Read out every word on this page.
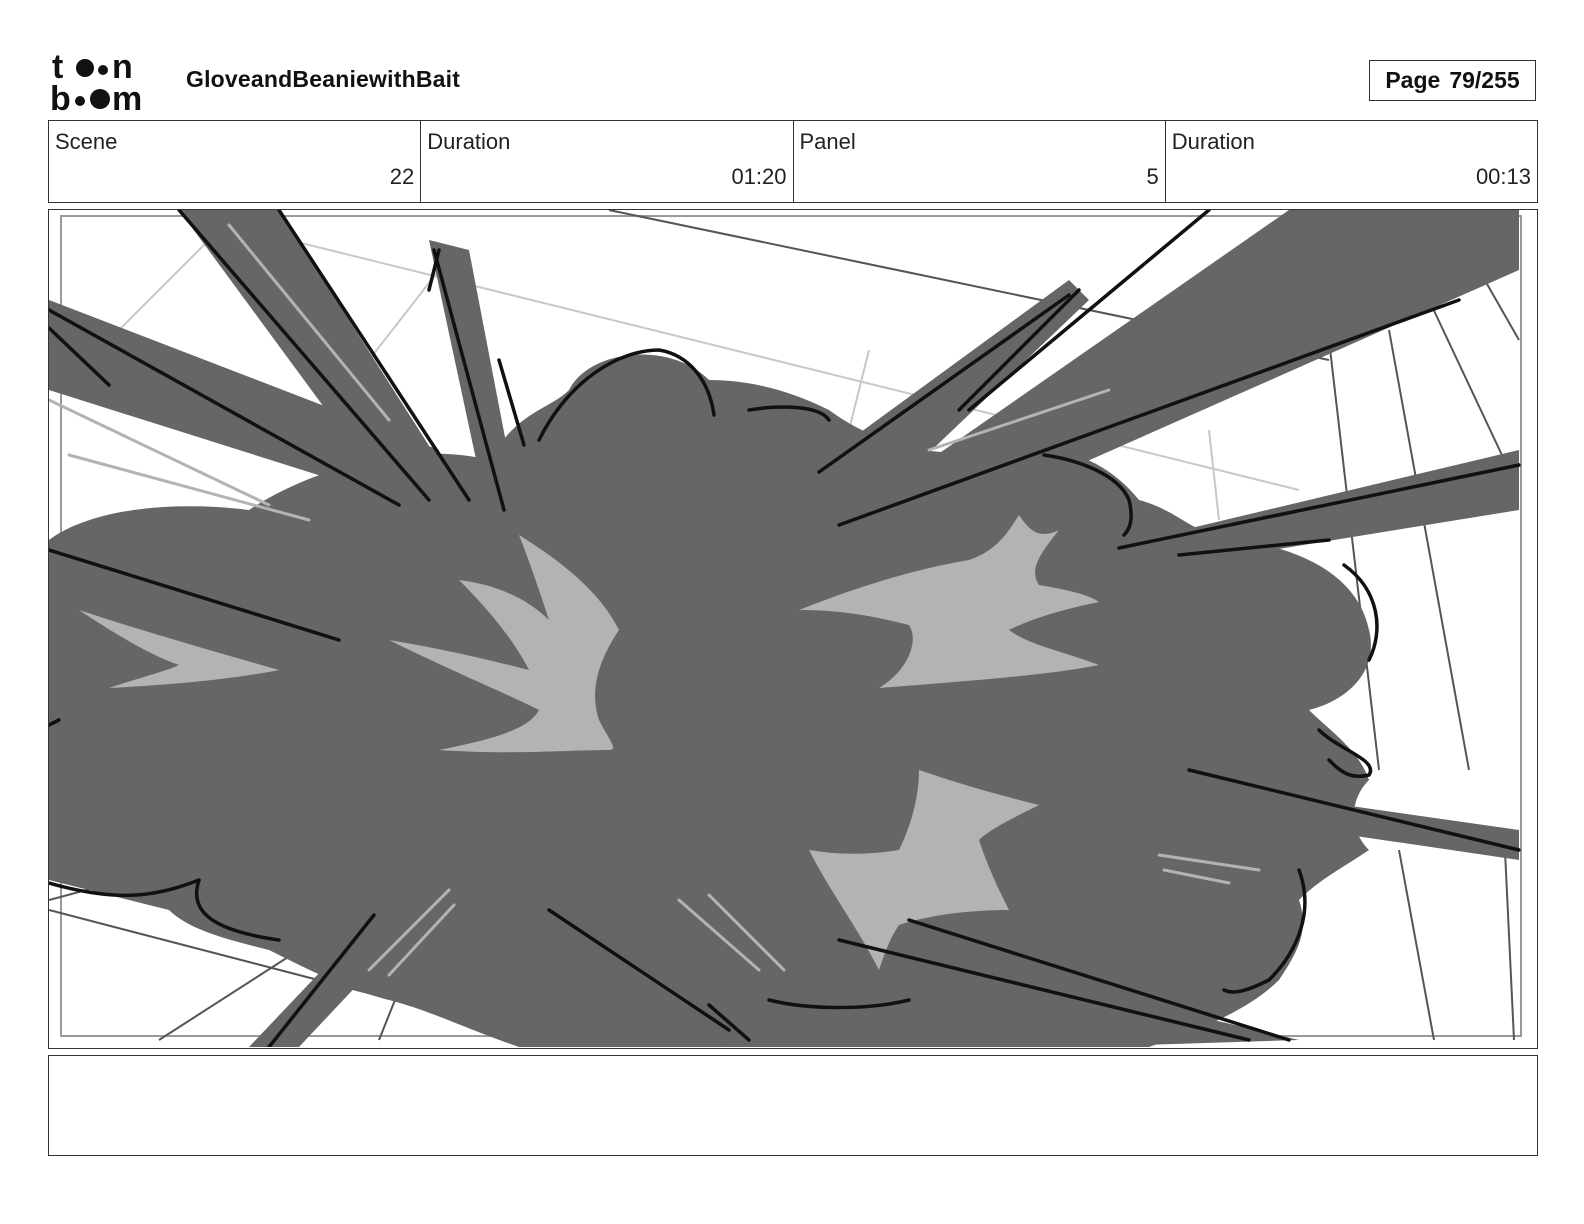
t n
b m
GloveandBeaniewithBait	Page 79/255
Scene
22
Duration
01:20
Panel
5
Duration
00:13
